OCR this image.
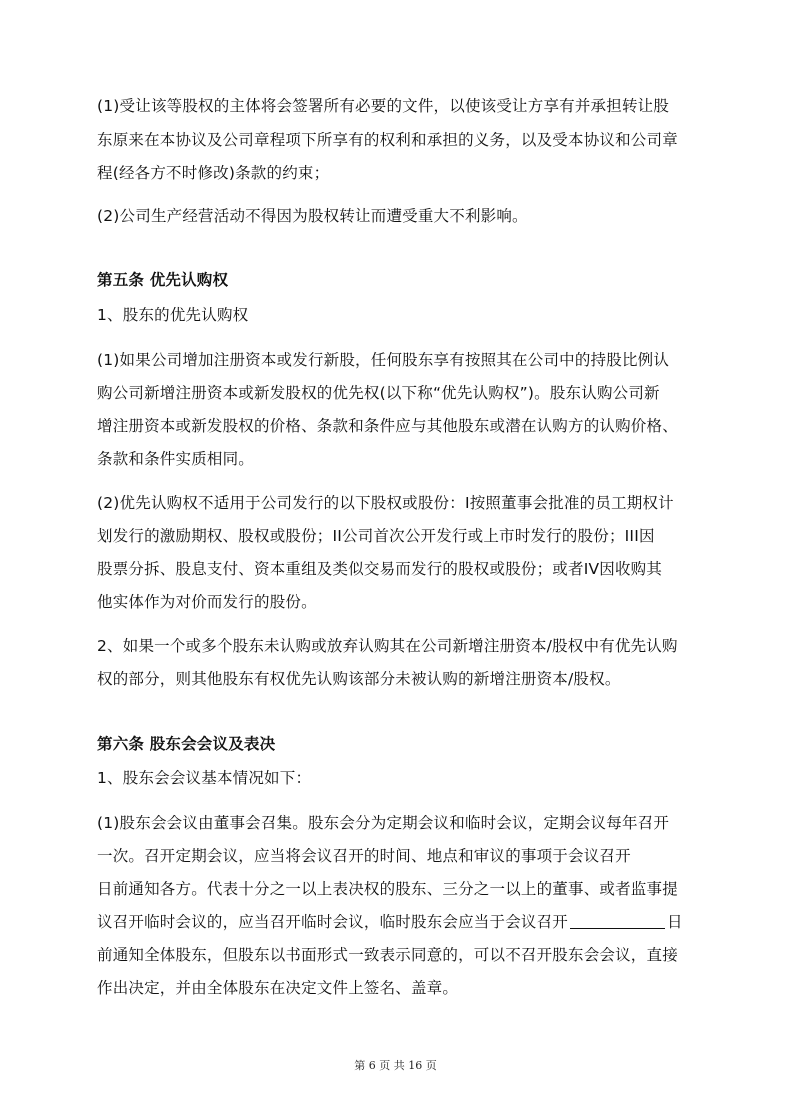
(1)受让该等股权的主体将会签署所有必要的文件，以使该受让方享有并承担转让股
东原来在本协议及公司章程项下所享有的权利和承担的义务，以及受本协议和公司章
程(经各方不时修改)条款的约束；
(2)公司生产经营活动不得因为股权转让而遭受重大不利影响。
第五条 优先认购权
1、股东的优先认购权
(1)如果公司增加注册资本或发行新股，任何股东享有按照其在公司中的持股比例认
购公司新增注册资本或新发股权的优先权(以下称“优先认购权”)。股东认购公司新
增注册资本或新发股权的价格、条款和条件应与其他股东或潜在认购方的认购价格、
条款和条件实质相同。
(2)优先认购权不适用于公司发行的以下股权或股份：I按照董事会批准的员工期权计
划发行的激励期权、股权或股份；II公司首次公开发行或上市时发行的股份；III因
股票分拆、股息支付、资本重组及类似交易而发行的股权或股份；或者IV因收购其
他实体作为对价而发行的股份。
2、如果一个或多个股东未认购或放弃认购其在公司新增注册资本/股权中有优先认购
权的部分，则其他股东有权优先认购该部分未被认购的新增注册资本/股权。
第六条 股东会会议及表决
1、股东会会议基本情况如下：
(1)股东会会议由董事会召集。股东会分为定期会议和临时会议，定期会议每年召开
一次。召开定期会议，应当将会议召开的时间、地点和审议的事项于会议召开
日前通知各方。代表十分之一以上表决权的股东、三分之一以上的董事、或者监事提
议召开临时会议的，应当召开临时会议，临时股东会应当于会议召开	日
前通知全体股东，但股东以书面形式一致表示同意的，可以不召开股东会会议，直接
作出决定，并由全体股东在决定文件上签名、盖章。
第 6 页 共 16 页
